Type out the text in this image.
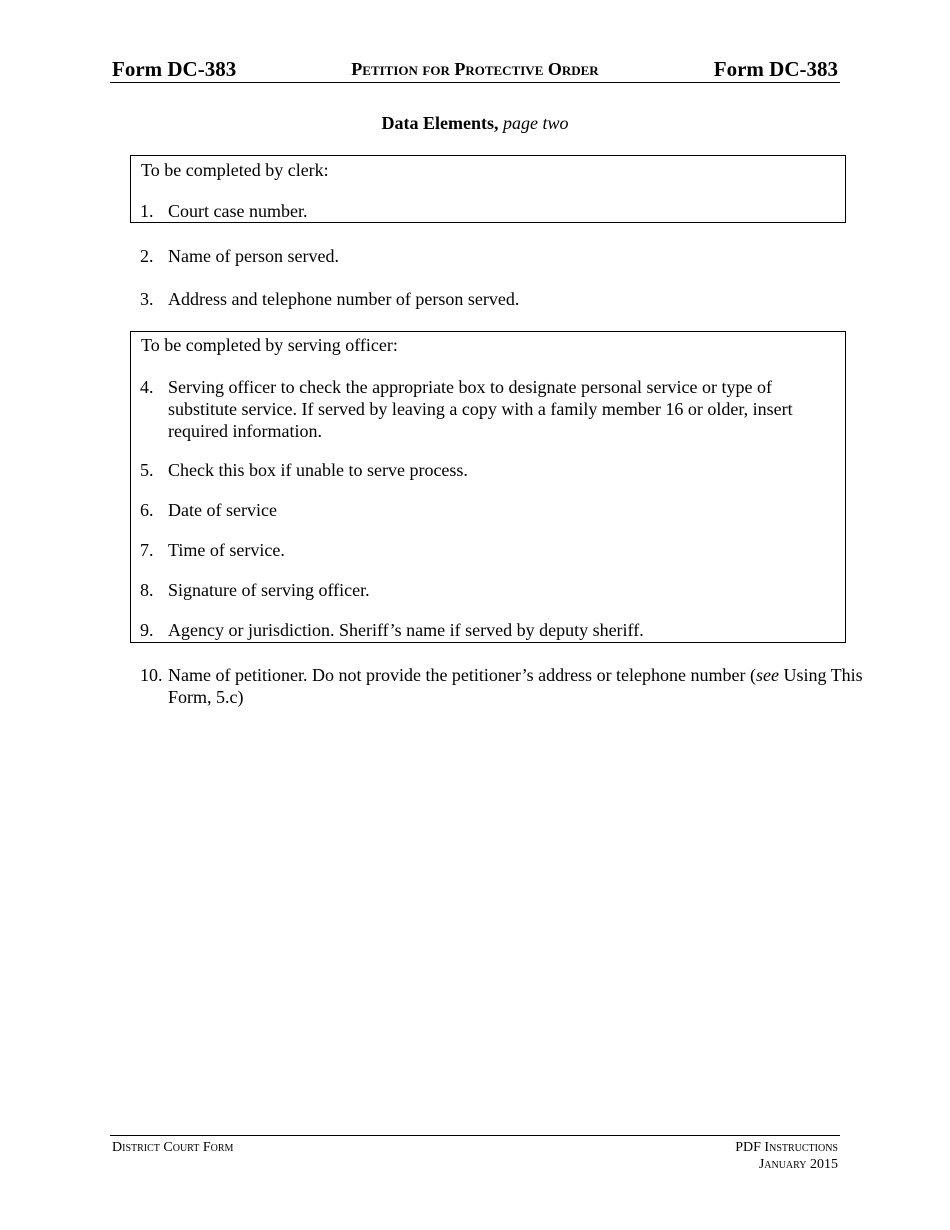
Form DC-383	Petition for Protective Order	Form DC-383
Data Elements, page two
To be completed by clerk:
1. Court case number.
2. Name of person served.
3. Address and telephone number of person served.
To be completed by serving officer:
4. Serving officer to check the appropriate box to designate personal service or type of substitute service. If served by leaving a copy with a family member 16 or older, insert required information.
5. Check this box if unable to serve process.
6. Date of service
7. Time of service.
8. Signature of serving officer.
9. Agency or jurisdiction. Sheriff’s name if served by deputy sheriff.
10. Name of petitioner. Do not provide the petitioner’s address or telephone number (see Using This Form, 5.c)
District Court Form	PDF Instructions
January 2015
